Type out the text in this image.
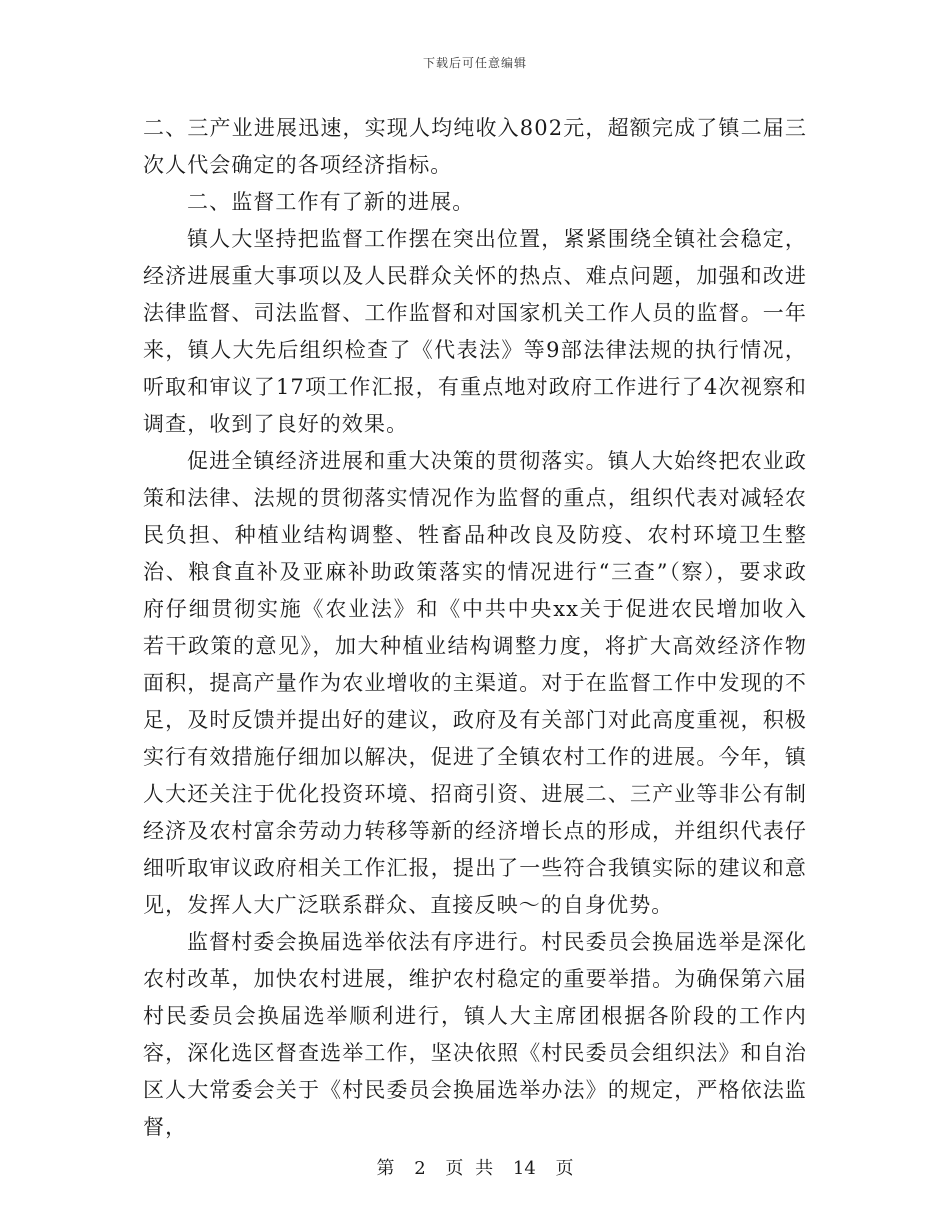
下载后可任意编辑

二、三产业进展迅速，实现人均纯收入802元，超额完成了镇二届三次人代会确定的各项经济指标。

二、监督工作有了新的进展。

镇人大坚持把监督工作摆在突出位置，紧紧围绕全镇社会稳定，经济进展重大事项以及人民群众关怀的热点、难点问题，加强和改进法律监督、司法监督、工作监督和对国家机关工作人员的监督。一年来，镇人大先后组织检查了《代表法》等9部法律法规的执行情况，听取和审议了17项工作汇报，有重点地对政府工作进行了4次视察和调查，收到了良好的效果。

促进全镇经济进展和重大决策的贯彻落实。镇人大始终把农业政策和法律、法规的贯彻落实情况作为监督的重点，组织代表对减轻农民负担、种植业结构调整、牲畜品种改良及防疫、农村环境卫生整治、粮食直补及亚麻补助政策落实的情况进行“三查”（察），要求政府仔细贯彻实施《农业法》和《中共中央xx关于促进农民增加收入若干政策的意见》，加大种植业结构调整力度，将扩大高效经济作物面积，提高产量作为农业增收的主渠道。对于在监督工作中发现的不足，及时反馈并提出好的建议，政府及有关部门对此高度重视，积极实行有效措施仔细加以解决，促进了全镇农村工作的进展。今年，镇人大还关注于优化投资环境、招商引资、进展二、三产业等非公有制经济及农村富余劳动力转移等新的经济增长点的形成，并组织代表仔细听取审议政府相关工作汇报，提出了一些符合我镇实际的建议和意见，发挥人大广泛联系群众、直接反映～的自身优势。

监督村委会换届选举依法有序进行。村民委员会换届选举是深化农村改革，加快农村进展，维护农村稳定的重要举措。为确保第六届村民委员会换届选举顺利进行，镇人大主席团根据各阶段的工作内容，深化选区督查选举工作，坚决依照《村民委员会组织法》和自治区人大常委会关于《村民委员会换届选举办法》的规定，严格依法监督，

第 2 页 共 14 页
